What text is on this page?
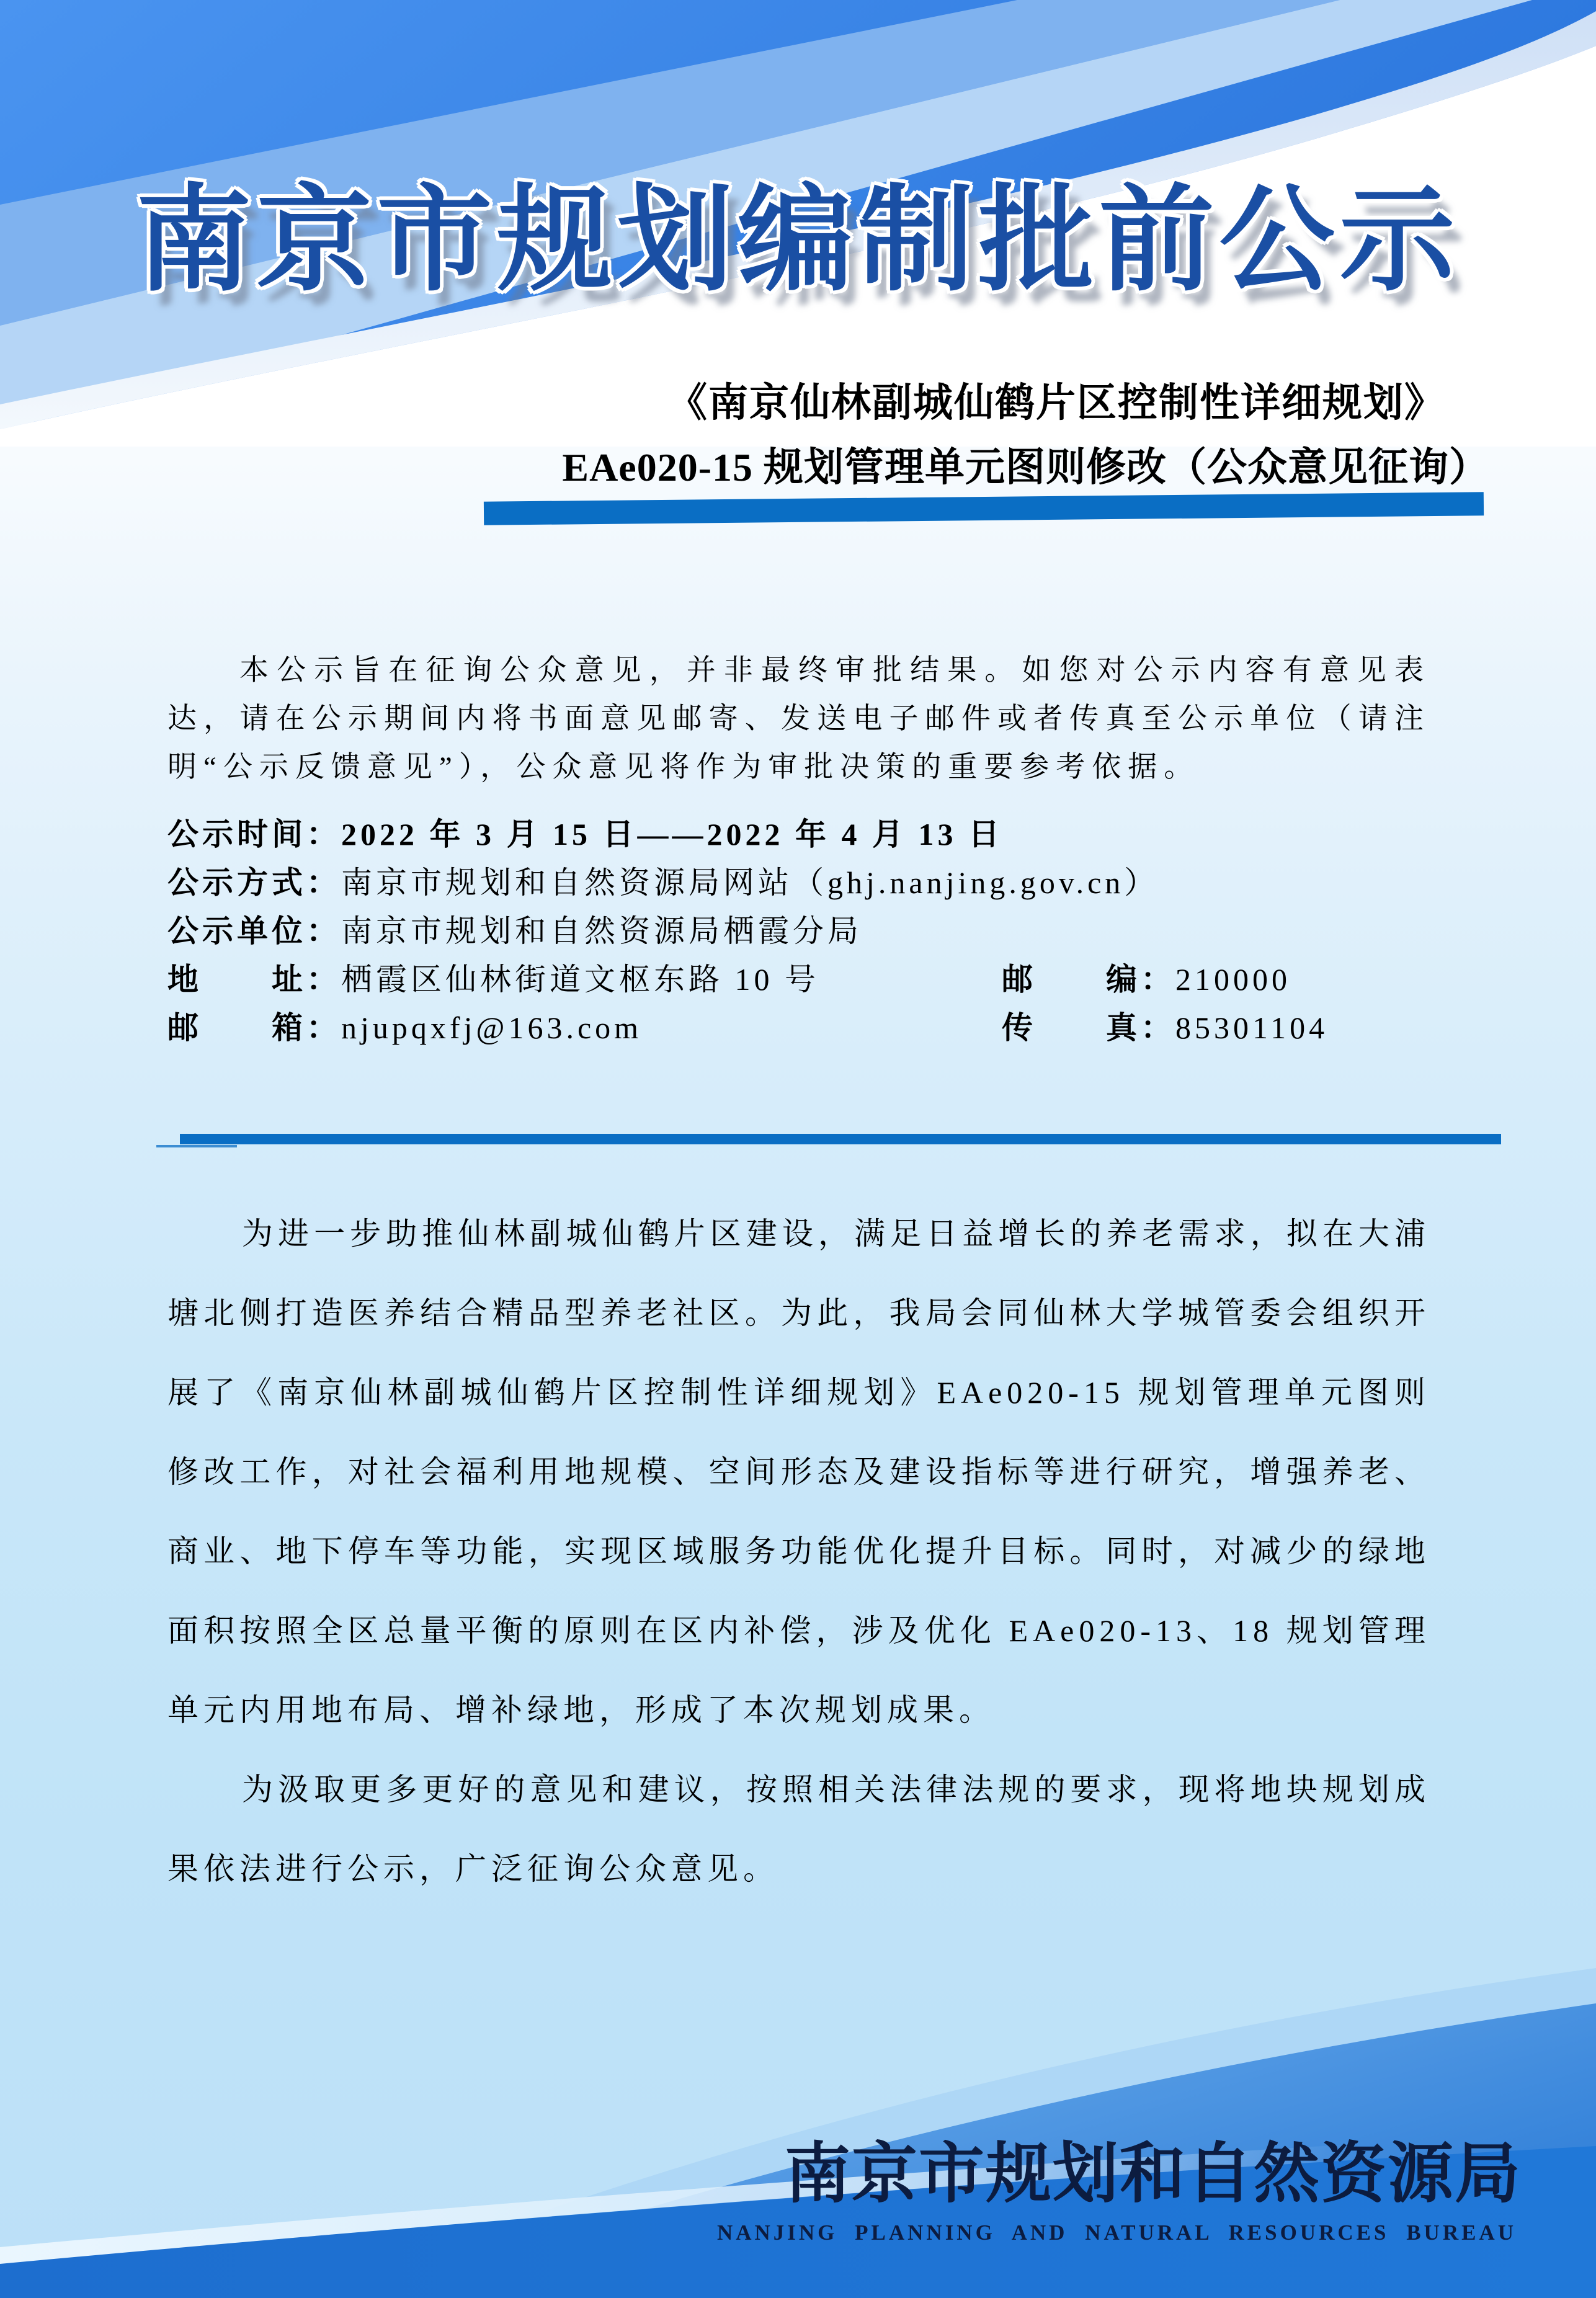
南京市规划编制批前公示
《南京仙林副城仙鹤片区控制性详细规划》
EAe020-15 规划管理单元图则修改（公众意见征询）

本公示旨在征询公众意见，并非最终审批结果。如您对公示内容有意见表达，请在公示期间内将书面意见邮寄、发送电子邮件或者传真至公示单位（请注明“公示反馈意见”），公众意见将作为审批决策的重要参考依据。

公示时间： 2022 年 3 月 15 日——2022 年 4 月 13 日
公示方式： 南京市规划和自然资源局网站（ghj.nanjing.gov.cn）
公示单位： 南京市规划和自然资源局栖霞分局
地　　址： 栖霞区仙林街道文枢东路 10 号	邮　　编： 210000
邮　　箱： njupqxfj@163.com	传　　真： 85301104

为进一步助推仙林副城仙鹤片区建设，满足日益增长的养老需求，拟在大浦塘北侧打造医养结合精品型养老社区。为此，我局会同仙林大学城管委会组织开展了《南京仙林副城仙鹤片区控制性详细规划》EAe020-15 规划管理单元图则修改工作，对社会福利用地规模、空间形态及建设指标等进行研究，增强养老、商业、地下停车等功能，实现区域服务功能优化提升目标。同时，对减少的绿地面积按照全区总量平衡的原则在区内补偿，涉及优化 EAe020-13、18 规划管理单元内用地布局、增补绿地，形成了本次规划成果。

为汲取更多更好的意见和建议，按照相关法律法规的要求，现将地块规划成果依法进行公示，广泛征询公众意见。

南京市规划和自然资源局
NANJING PLANNING AND NATURAL RESOURCES BUREAU
